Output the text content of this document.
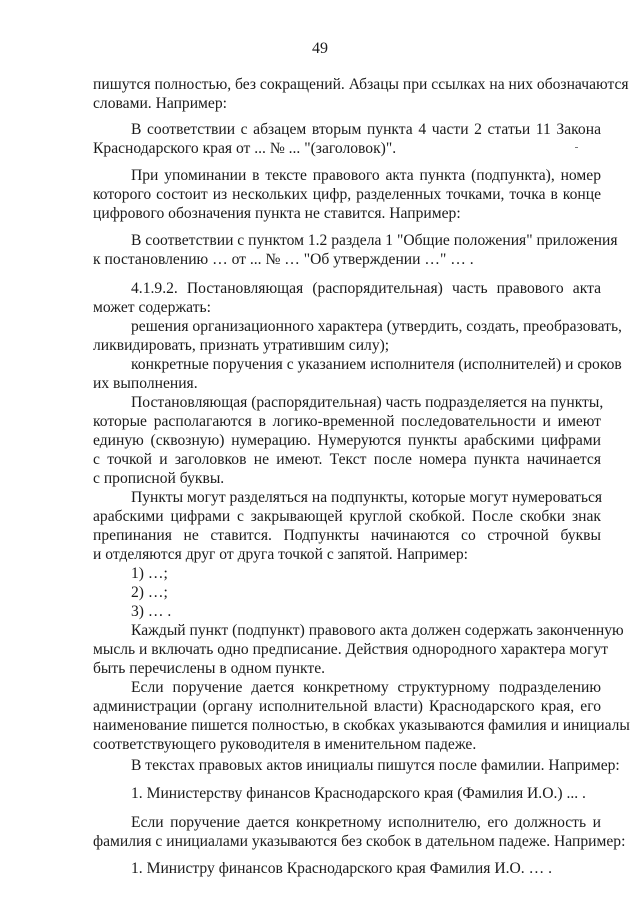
49
пишутся полностью, без сокращений. Абзацы при ссылках на них обозначаются
словами. Например:
В соответствии с абзацем вторым пункта 4 части 2 статьи 11 Закона
Краснодарского края от ... № ... "(заголовок)".
При упоминании в тексте правового акта пункта (подпункта), номер
которого состоит из нескольких цифр, разделенных точками, точка в конце
цифрового обозначения пункта не ставится. Например:
В соответствии с пунктом 1.2 раздела 1 "Общие положения" приложения
к постановлению … от ... № … "Об утверждении …" … .
4.1.9.2. Постановляющая (распорядительная) часть правового акта
может содержать:
решения организационного характера (утвердить, создать, преобразовать,
ликвидировать, признать утратившим силу);
конкретные поручения с указанием исполнителя (исполнителей) и сроков
их выполнения.
Постановляющая (распорядительная) часть подразделяется на пункты,
которые располагаются в логико-временной последовательности и имеют
единую (сквозную) нумерацию. Нумеруются пункты арабскими цифрами
с точкой и заголовков не имеют. Текст после номера пункта начинается
с прописной буквы.
Пункты могут разделяться на подпункты, которые могут нумероваться
арабскими цифрами с закрывающей круглой скобкой. После скобки знак
препинания не ставится. Подпункты начинаются со строчной буквы
и отделяются друг от друга точкой с запятой. Например:
1) …;
2) …;
3) … .
Каждый пункт (подпункт) правового акта должен содержать законченную
мысль и включать одно предписание. Действия однородного характера могут
быть перечислены в одном пункте.
Если поручение дается конкретному структурному подразделению
администрации (органу исполнительной власти) Краснодарского края, его
наименование пишется полностью, в скобках указываются фамилия и инициалы
соответствующего руководителя в именительном падеже.
В текстах правовых актов инициалы пишутся после фамилии. Например:
1. Министерству финансов Краснодарского края (Фамилия И.О.) ... .
Если поручение дается конкретному исполнителю, его должность и
фамилия с инициалами указываются без скобок в дательном падеже. Например:
1. Министру финансов Краснодарского края Фамилия И.О. … .
